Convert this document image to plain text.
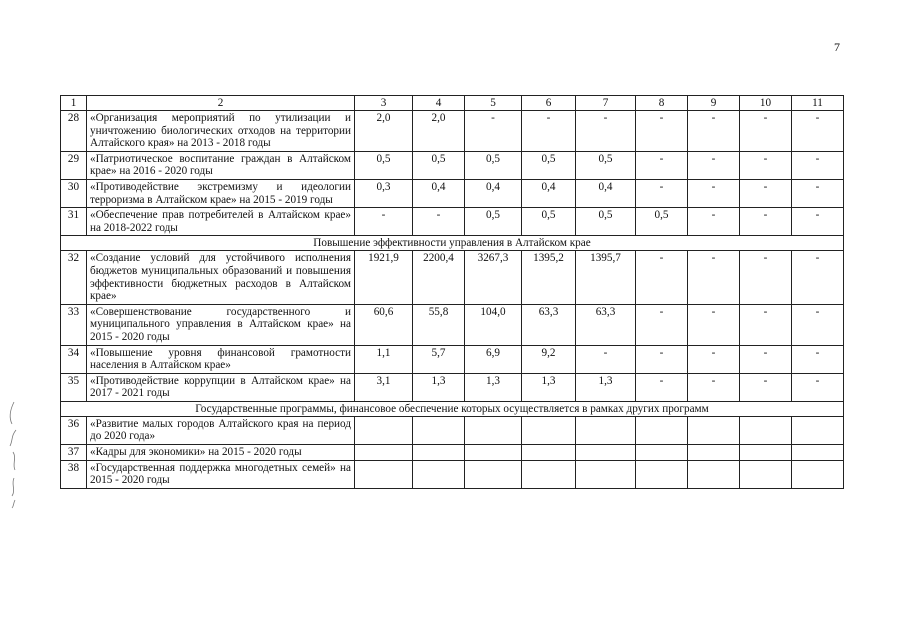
7
1	2	3	4	5	6	7	8	9	10	11
28	«Организация мероприятий по утилизации и уничтожению биологических отходов на территории Алтайского края» на 2013 - 2018 годы	2,0	2,0	-	-	-	-	-	-	-
29	«Патриотическое воспитание граждан в Алтайском крае» на 2016 - 2020 годы	0,5	0,5	0,5	0,5	0,5	-	-	-	-
30	«Противодействие экстремизму и идеологии терроризма в Алтайском крае» на 2015 - 2019 годы	0,3	0,4	0,4	0,4	0,4	-	-	-	-
31	«Обеспечение прав потребителей в Алтайском крае» на 2018-2022 годы	-	-	0,5	0,5	0,5	0,5	-	-	-
Повышение эффективности управления в Алтайском крае										
32	«Создание условий для устойчивого исполнения бюджетов муниципальных образований и повышения эффективности бюджетных расходов в Алтайском крае»	1921,9	2200,4	3267,3	1395,2	1395,7	-	-	-	-
33	«Совершенствование государственного и муниципального управления в Алтайском крае» на 2015 - 2020 годы	60,6	55,8	104,0	63,3	63,3	-	-	-	-
34	«Повышение уровня финансовой грамотности населения в Алтайском крае»	1,1	5,7	6,9	9,2	-	-	-	-	-
35	«Противодействие коррупции в Алтайском крае» на 2017 - 2021 годы	3,1	1,3	1,3	1,3	1,3	-	-	-	-
Государственные программы, финансовое обеспечение которых осуществляется в рамках других программ										
36	«Развитие малых городов Алтайского края на период до 2020 года»									
37	«Кадры для экономики» на 2015 - 2020 годы									
38	«Государственная поддержка многодетных семей» на 2015 - 2020 годы									
